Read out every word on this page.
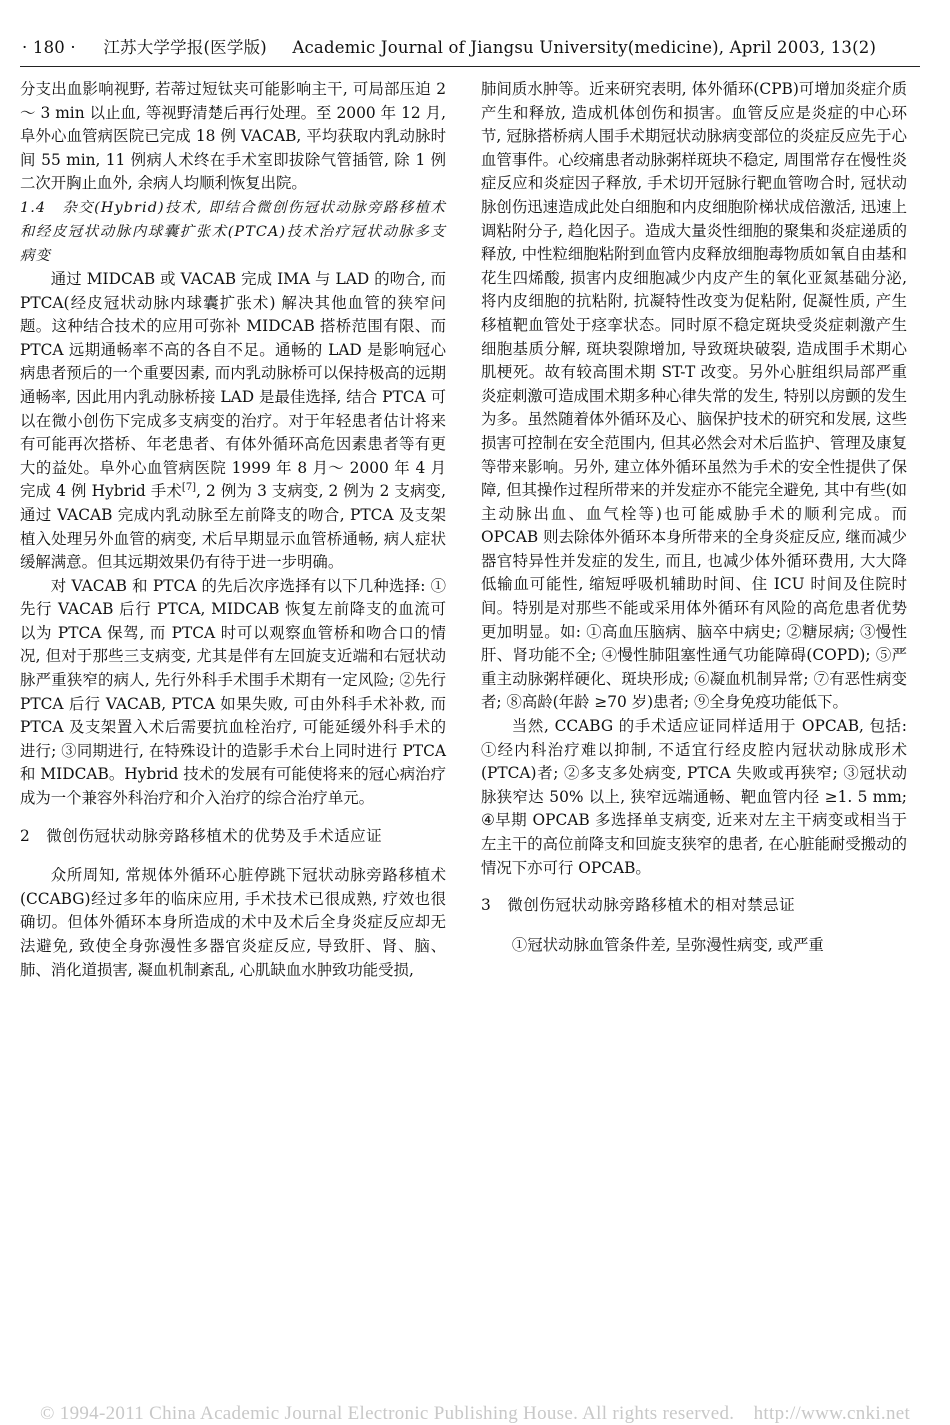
· 180 · 江苏大学学报(医学版) Academic Journal of Jiangsu University(medicine), April 2003, 13(2)

分支出血影响视野, 若蒂过短钛夹可能影响主干, 可局部压迫 2～ 3 min 以止血, 等视野清楚后再行处理。至 2000 年 12 月, 阜外心血管病医院已完成 18 例 VACAB, 平均获取内乳动脉时间 55 min, 11 例病人术终在手术室即拔除气管插管, 除 1 例二次开胸止血外, 余病人均顺利恢复出院。

1.4　杂交(Hybrid)技术, 即结合微创伤冠状动脉旁路移植术和经皮冠状动脉内球囊扩张术(PTCA)技术治疗冠状动脉多支病变

通过 MIDCAB 或 VACAB 完成 IMA 与 LAD 的吻合, 而 PTCA(经皮冠状动脉内球囊扩张术) 解决其他血管的狭窄问题。这种结合技术的应用可弥补 MIDCAB 搭桥范围有限、而 PTCA 远期通畅率不高的各自不足。通畅的 LAD 是影响冠心病患者预后的一个重要因素, 而内乳动脉桥可以保持极高的远期通畅率, 因此用内乳动脉桥接 LAD 是最佳选择, 结合 PTCA 可以在微小创伤下完成多支病变的治疗。对于年轻患者估计将来有可能再次搭桥、年老患者、有体外循环高危因素患者等有更大的益处。阜外心血管病医院 1999 年 8 月～ 2000 年 4 月完成 4 例 Hybrid 手术[7], 2 例为 3 支病变, 2 例为 2 支病变, 通过 VACAB 完成内乳动脉至左前降支的吻合, PTCA 及支架植入处理另外血管的病变, 术后早期显示血管桥通畅, 病人症状缓解满意。但其远期效果仍有待于进一步明确。

对 VACAB 和 PTCA 的先后次序选择有以下几种选择: ①先行 VACAB 后行 PTCA, MIDCAB 恢复左前降支的血流可以为 PTCA 保驾, 而 PTCA 时可以观察血管桥和吻合口的情况, 但对于那些三支病变, 尤其是伴有左回旋支近端和右冠状动脉严重狭窄的病人, 先行外科手术围手术期有一定风险; ②先行 PTCA 后行 VACAB, PTCA 如果失败, 可由外科手术补救, 而 PTCA 及支架置入术后需要抗血栓治疗, 可能延缓外科手术的进行; ③同期进行, 在特殊设计的造影手术台上同时进行 PTCA 和 MIDCAB。Hybrid 技术的发展有可能使将来的冠心病治疗成为一个兼容外科治疗和介入治疗的综合治疗单元。

2　微创伤冠状动脉旁路移植术的优势及手术适应证

众所周知, 常规体外循环心脏停跳下冠状动脉旁路移植术(CCABG)经过多年的临床应用, 手术技术已很成熟, 疗效也很确切。但体外循环本身所造成的术中及术后全身炎症反应却无法避免, 致使全身弥漫性多器官炎症反应, 导致肝、肾、脑、肺、消化道损害, 凝血机制紊乱, 心肌缺血水肿致功能受损,

肺间质水肿等。近来研究表明, 体外循环(CPB)可增加炎症介质产生和释放, 造成机体创伤和损害。血管反应是炎症的中心环节, 冠脉搭桥病人围手术期冠状动脉病变部位的炎症反应先于心血管事件。心绞痛患者动脉粥样斑块不稳定, 周围常存在慢性炎症反应和炎症因子释放, 手术切开冠脉行靶血管吻合时, 冠状动脉创伤迅速造成此处白细胞和内皮细胞阶梯状成倍激活, 迅速上调粘附分子, 趋化因子。造成大量炎性细胞的聚集和炎症递质的释放, 中性粒细胞粘附到血管内皮释放细胞毒物质如氧自由基和花生四烯酸, 损害内皮细胞减少内皮产生的氧化亚氮基础分泌, 将内皮细胞的抗粘附, 抗凝特性改变为促粘附, 促凝性质, 产生移植靶血管处于痉挛状态。同时原不稳定斑块受炎症刺激产生细胞基质分解, 斑块裂隙增加, 导致斑块破裂, 造成围手术期心肌梗死。故有较高围术期 ST-T 改变。另外心脏组织局部严重炎症刺激可造成围术期多种心律失常的发生, 特别以房颤的发生为多。虽然随着体外循环及心、脑保护技术的研究和发展, 这些损害可控制在安全范围内, 但其必然会对术后监护、管理及康复等带来影响。另外, 建立体外循环虽然为手术的安全性提供了保障, 但其操作过程所带来的并发症亦不能完全避免, 其中有些(如主动脉出血、血气栓等)也可能威胁手术的顺利完成。而 OPCAB 则去除体外循环本身所带来的全身炎症反应, 继而减少器官特异性并发症的发生, 而且, 也减少体外循环费用, 大大降低输血可能性, 缩短呼吸机辅助时间、住 ICU 时间及住院时间。特别是对那些不能或采用体外循环有风险的高危患者优势更加明显。如: ①高血压脑病、脑卒中病史; ②糖尿病; ③慢性肝、肾功能不全; ④慢性肺阻塞性通气功能障碍(COPD); ⑤严重主动脉粥样硬化、斑块形成; ⑥凝血机制异常; ⑦有恶性病变者; ⑧高龄(年龄 ≥70 岁)患者; ⑨全身免疫功能低下。

当然, CCABG 的手术适应证同样适用于 OPCAB, 包括: ①经内科治疗难以抑制, 不适宜行经皮腔内冠状动脉成形术(PTCA)者; ②多支多处病变, PTCA 失败或再狭窄; ③冠状动脉狭窄达 50% 以上, 狭窄远端通畅、靶血管内径 ≥1. 5 mm; ④早期 OPCAB 多选择单支病变, 近来对左主干病变或相当于左主干的高位前降支和回旋支狭窄的患者, 在心脏能耐受搬动的情况下亦可行 OPCAB。

3　微创伤冠状动脉旁路移植术的相对禁忌证

①冠状动脉血管条件差, 呈弥漫性病变, 或严重

© 1994-2011 China Academic Journal Electronic Publishing House. All rights reserved.　http://www.cnki.net
